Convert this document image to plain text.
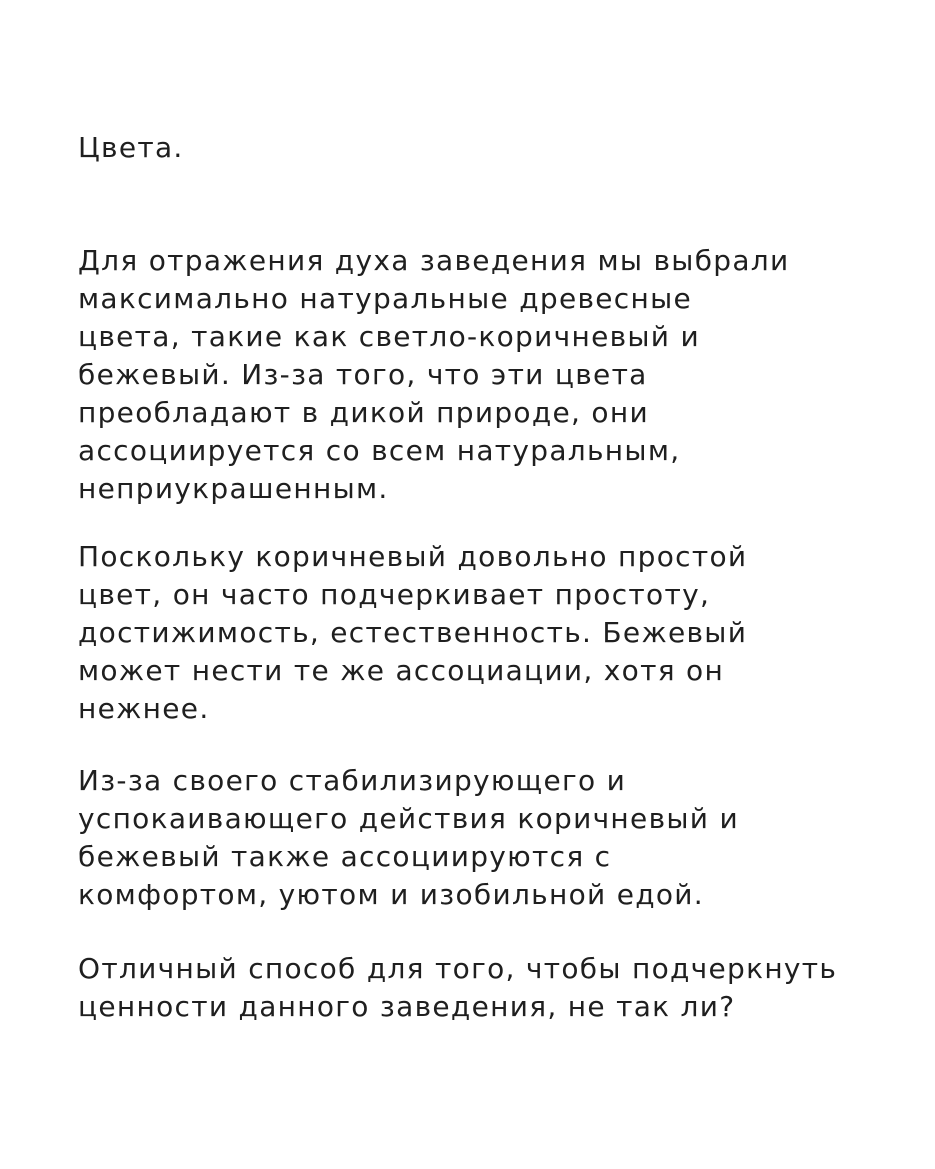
Цвета.
Для отражения духа заведения мы выбрали
максимально натуральные древесные
цвета, такие как светло-коричневый и
бежевый. Из-за того, что эти цвета
преобладают в дикой природе, они
ассоциируется со всем натуральным,
неприукрашенным.
Поскольку коричневый довольно простой
цвет, он часто подчеркивает простоту,
достижимость, естественность. Бежевый
может нести те же ассоциации, хотя он
нежнее.
Из-за своего стабилизирующего и
успокаивающего действия коричневый и
бежевый также ассоциируются с
комфортом, уютом и изобильной едой.
Отличный способ для того, чтобы подчеркнуть
ценности данного заведения, не так ли?
